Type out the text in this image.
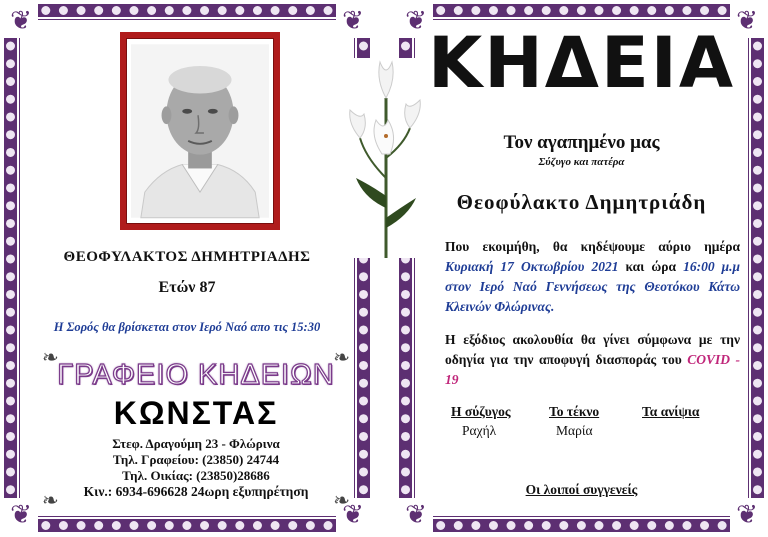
❦	❦
❦	❦
ΘΕΟΦΥΛΑΚΤΟΣ ΔΗΜΗΤΡΙΑΔΗΣ
Ετών 87
Η Σορός θα βρίσκεται στον Ιερό Ναό απο τις 15:30
❧	❧
❧	❧
ΓΡΑΦΕΙΟ ΚΗΔΕΙΩΝ
ΚΩΝΣΤΑΣ
Στεφ. Δραγούμη 23 - Φλώρινα
Τηλ. Γραφείου: (23850) 24744
Τηλ. Οικίας: (23850)28686
Κιν.: 6934-696628 24ωρη εξυπηρέτηση
❦	❦
❦	❦
ΚΗΔΕΙΑ
Τον αγαπημένο μας
Σύζυγο και πατέρα
Θεοφύλακτο Δημητριάδη
Που εκοιμήθη, θα κηδέψουμε αύριο ημέρα Κυριακή 17 Οκτωβρίου 2021 και ώρα 16:00 μ.μ στον Ιερό Ναό Γεννήσεως της Θεοτόκου Κάτω Κλεινών Φλώρινας.
Η εξόδιος ακολουθία θα γίνει σύμφωνα με την οδηγία για την αποφυγή διασποράς του COVID - 19
Η σύζυγος
Ραχήλ
Το τέκνο
Μαρία
Τα ανίψια
Οι λοιποί συγγενείς
